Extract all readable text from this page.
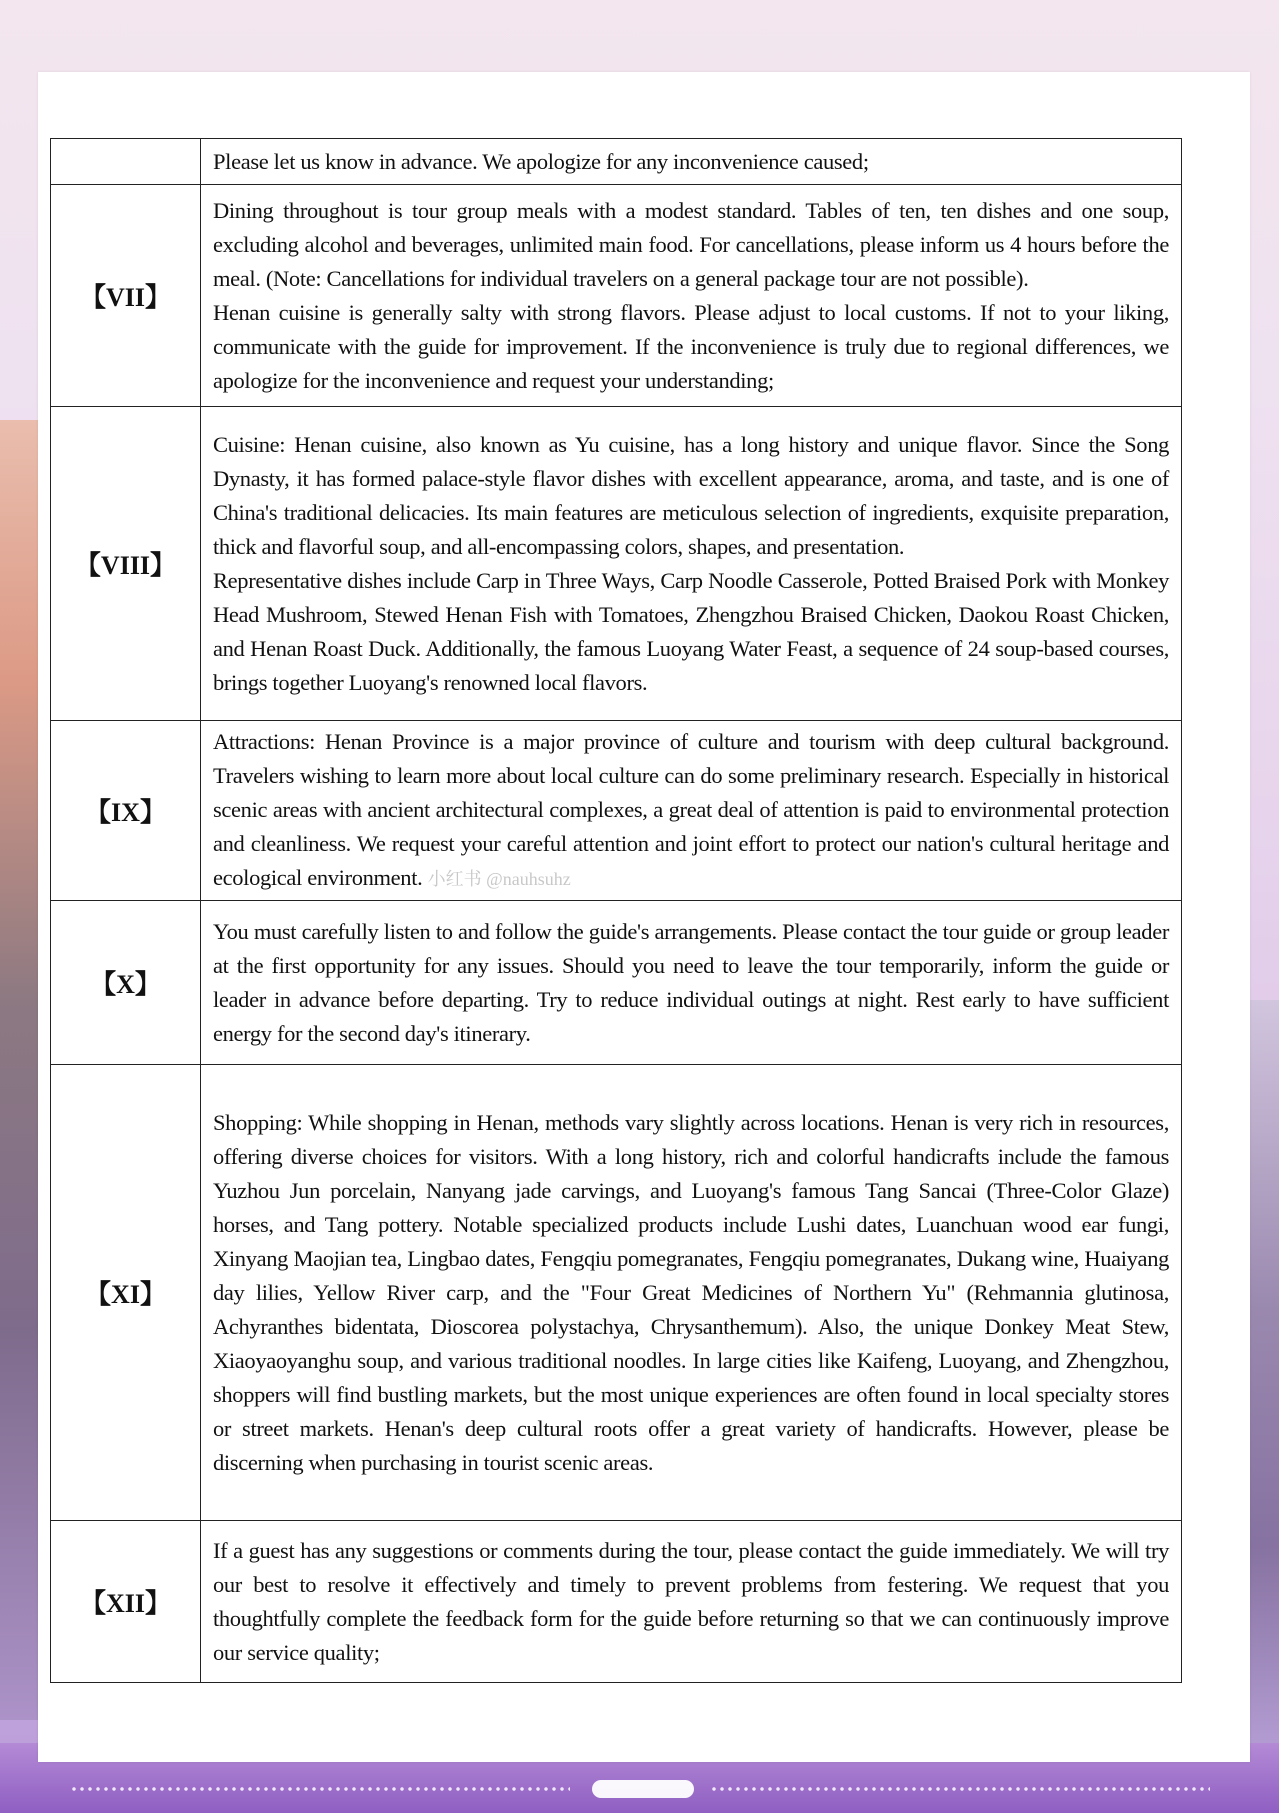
	Please let us know in advance. We apologize for any inconvenience caused;

【VII】	Dining throughout is tour group meals with a modest standard. Tables of ten, ten dishes and one soup, excluding alcohol and beverages, unlimited main food. For cancellations, please inform us 4 hours before the meal. (Note: Cancellations for individual travelers on a general package tour are not possible).

Henan cuisine is generally salty with strong flavors. Please adjust to local customs. If not to your liking, communicate with the guide for improvement. If the inconvenience is truly due to regional differences, we apologize for the inconvenience and request your understanding;

【VIII】	Cuisine: Henan cuisine, also known as Yu cuisine, has a long history and unique flavor. Since the Song Dynasty, it has formed palace-style flavor dishes with excellent appearance, aroma, and taste, and is one of China's traditional delicacies. Its main features are meticulous selection of ingredients, exquisite preparation, thick and flavorful soup, and all-encompassing colors, shapes, and presentation.

Representative dishes include Carp in Three Ways, Carp Noodle Casserole, Potted Braised Pork with Monkey Head Mushroom, Stewed Henan Fish with Tomatoes, Zhengzhou Braised Chicken, Daokou Roast Chicken, and Henan Roast Duck. Additionally, the famous Luoyang Water Feast, a sequence of 24 soup-based courses, brings together Luoyang's renowned local flavors.

【IX】	Attractions: Henan Province is a major province of culture and tourism with deep cultural background. Travelers wishing to learn more about local culture can do some preliminary research. Especially in historical scenic areas with ancient architectural complexes, a great deal of attention is paid to environmental protection and cleanliness. We request your careful attention and joint effort to protect our nation's cultural heritage and ecological environment. 小红书 @nauhsuhz

【X】	You must carefully listen to and follow the guide's arrangements. Please contact the tour guide or group leader at the first opportunity for any issues. Should you need to leave the tour temporarily, inform the guide or leader in advance before departing. Try to reduce individual outings at night. Rest early to have sufficient energy for the second day's itinerary.

【XI】	Shopping: While shopping in Henan, methods vary slightly across locations. Henan is very rich in resources, offering diverse choices for visitors. With a long history, rich and colorful handicrafts include the famous Yuzhou Jun porcelain, Nanyang jade carvings, and Luoyang's famous Tang Sancai (Three-Color Glaze) horses, and Tang pottery. Notable specialized products include Lushi dates, Luanchuan wood ear fungi, Xinyang Maojian tea, Lingbao dates, Fengqiu pomegranates, Fengqiu pomegranates, Dukang wine, Huaiyang day lilies, Yellow River carp, and the "Four Great Medicines of Northern Yu" (Rehmannia glutinosa, Achyranthes bidentata, Dioscorea polystachya, Chrysanthemum). Also, the unique Donkey Meat Stew, Xiaoyaoyanghu soup, and various traditional noodles. In large cities like Kaifeng, Luoyang, and Zhengzhou, shoppers will find bustling markets, but the most unique experiences are often found in local specialty stores or street markets. Henan's deep cultural roots offer a great variety of handicrafts. However, please be discerning when purchasing in tourist scenic areas.

【XII】	If a guest has any suggestions or comments during the tour, please contact the guide immediately. We will try our best to resolve it effectively and timely to prevent problems from festering. We request that you thoughtfully complete the feedback form for the guide before returning so that we can continuously improve our service quality;
